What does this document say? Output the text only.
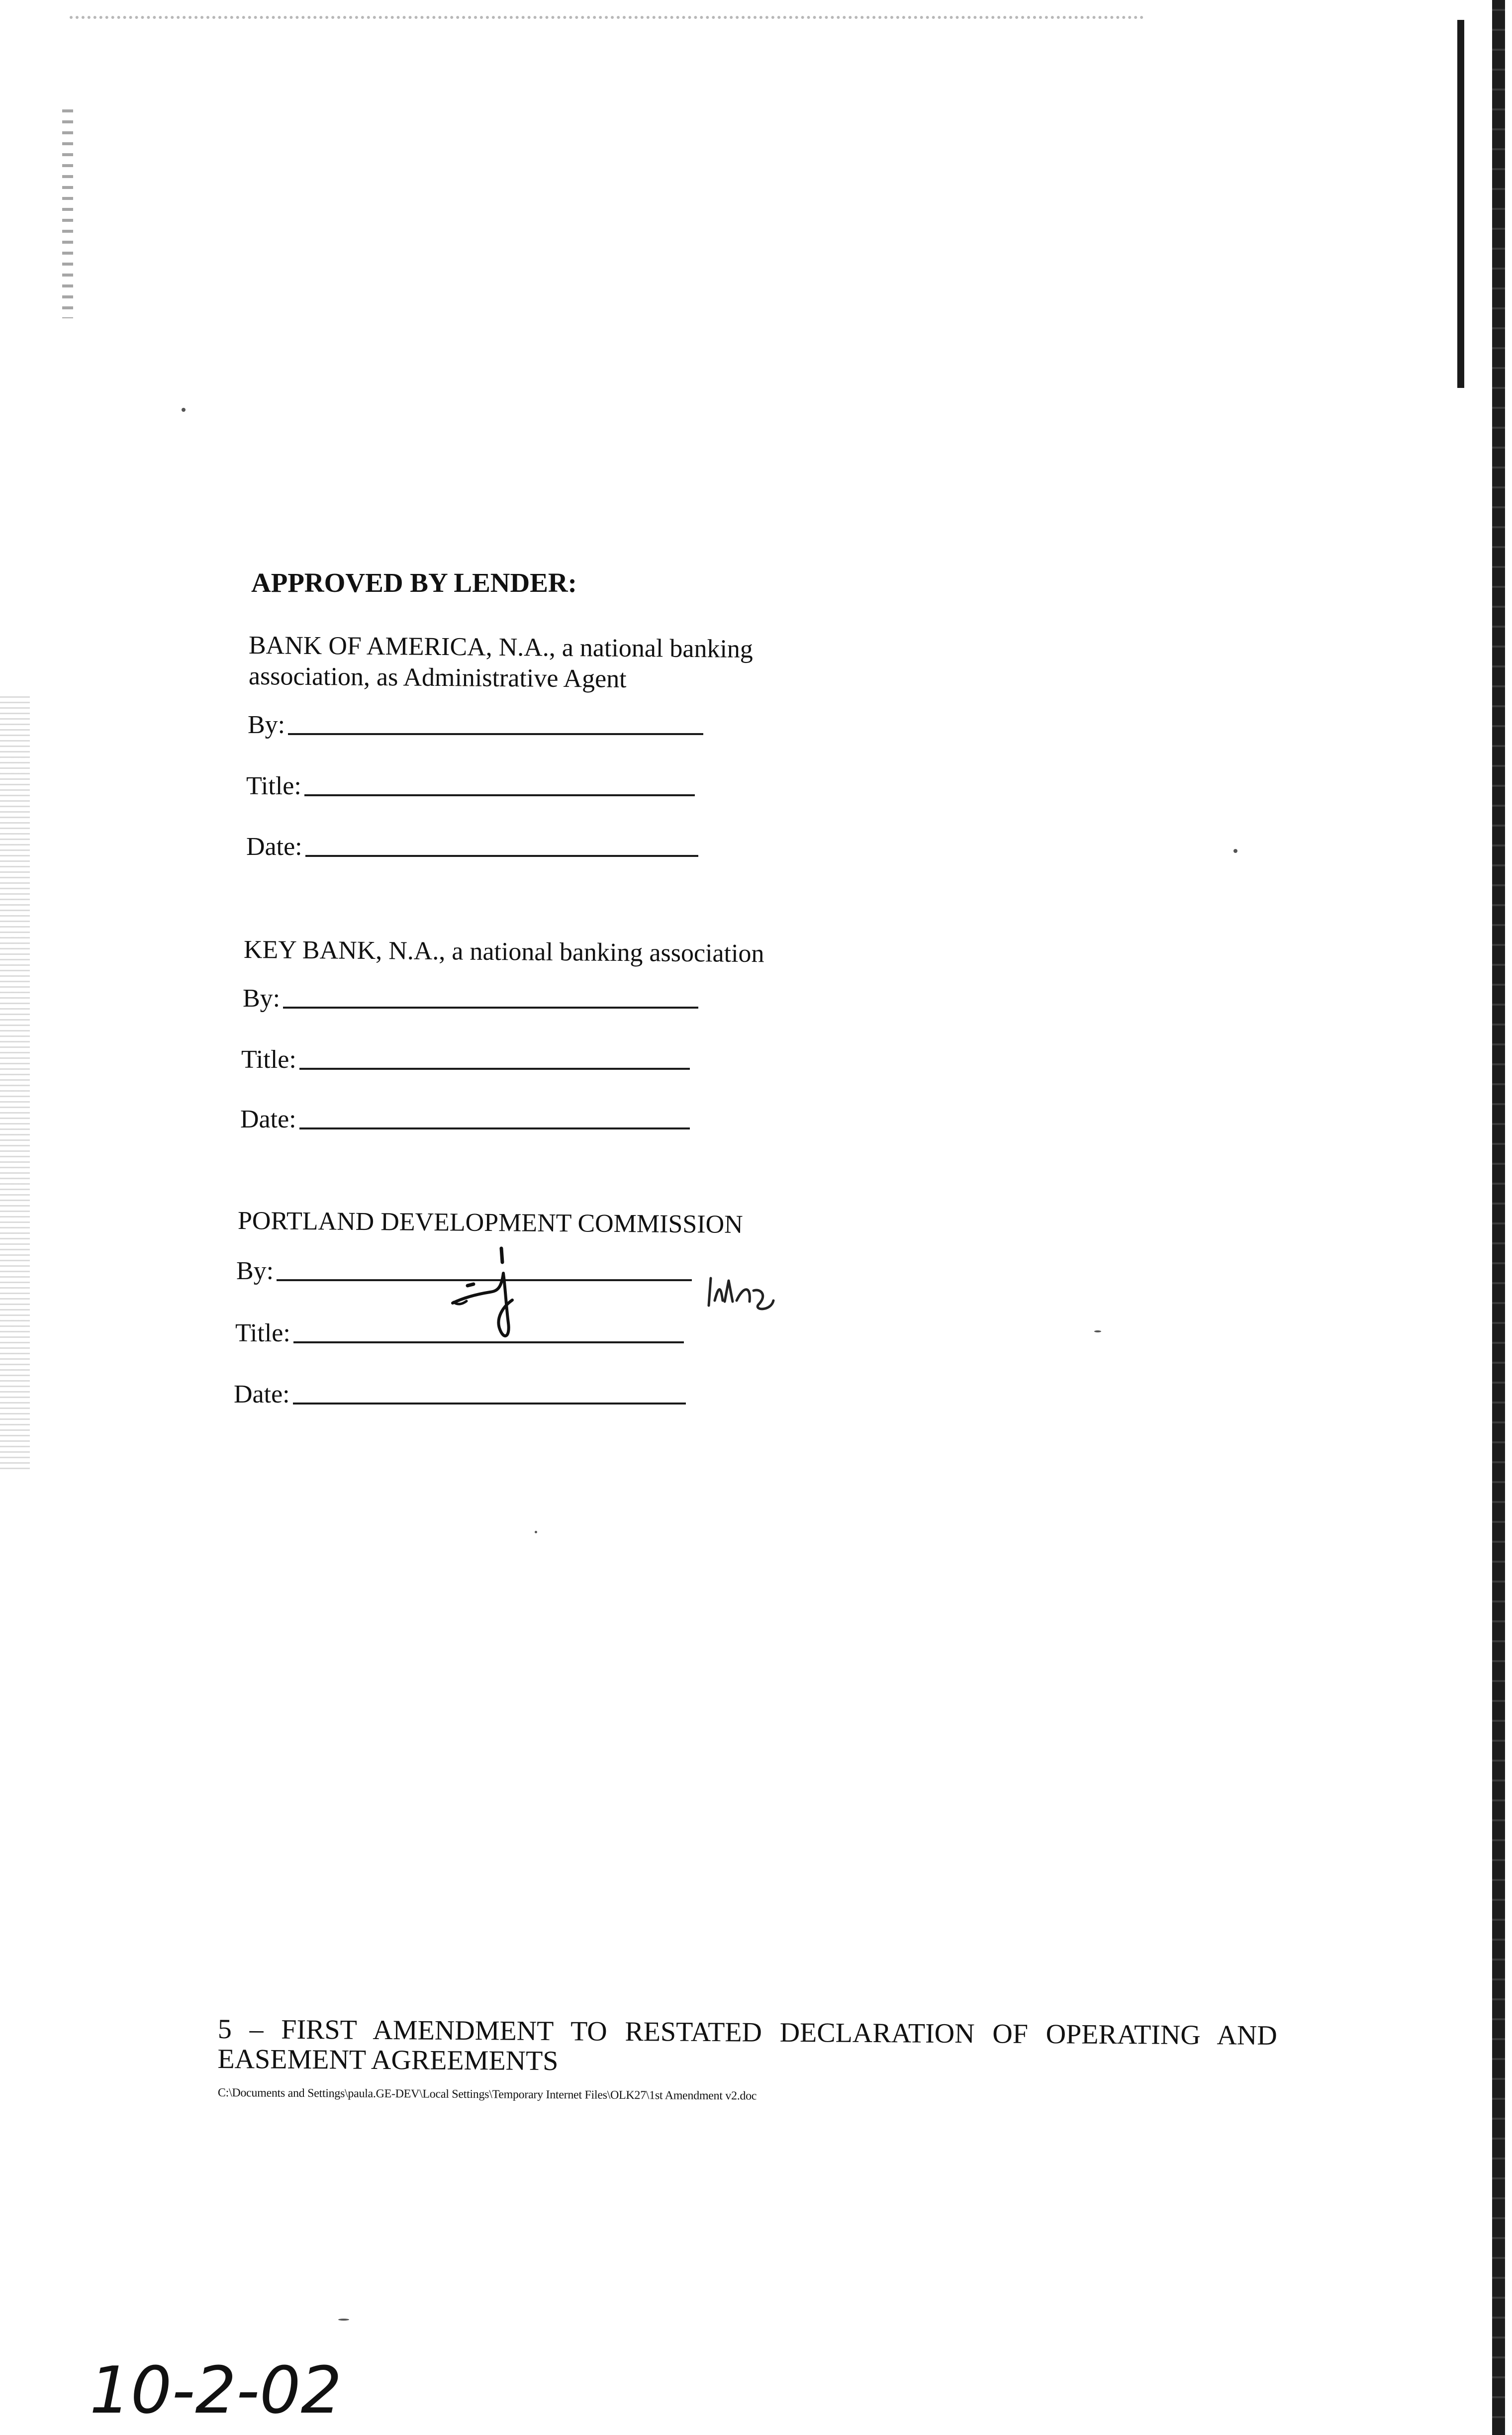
APPROVED BY LENDER:
BANK OF AMERICA, N.A., a national banking
association, as Administrative Agent
By:
Title:
Date:
KEY BANK, N.A., a national banking association
By:
Title:
Date:
PORTLAND DEVELOPMENT COMMISSION
By:
Title:
Date:
5 – FIRST AMENDMENT TO RESTATED DECLARATION OF OPERATING AND EASEMENT AGREEMENTS
C:\Documents and Settings\paula.GE-DEV\Local Settings\Temporary Internet Files\OLK27\1st Amendment v2.doc
10-2-02
